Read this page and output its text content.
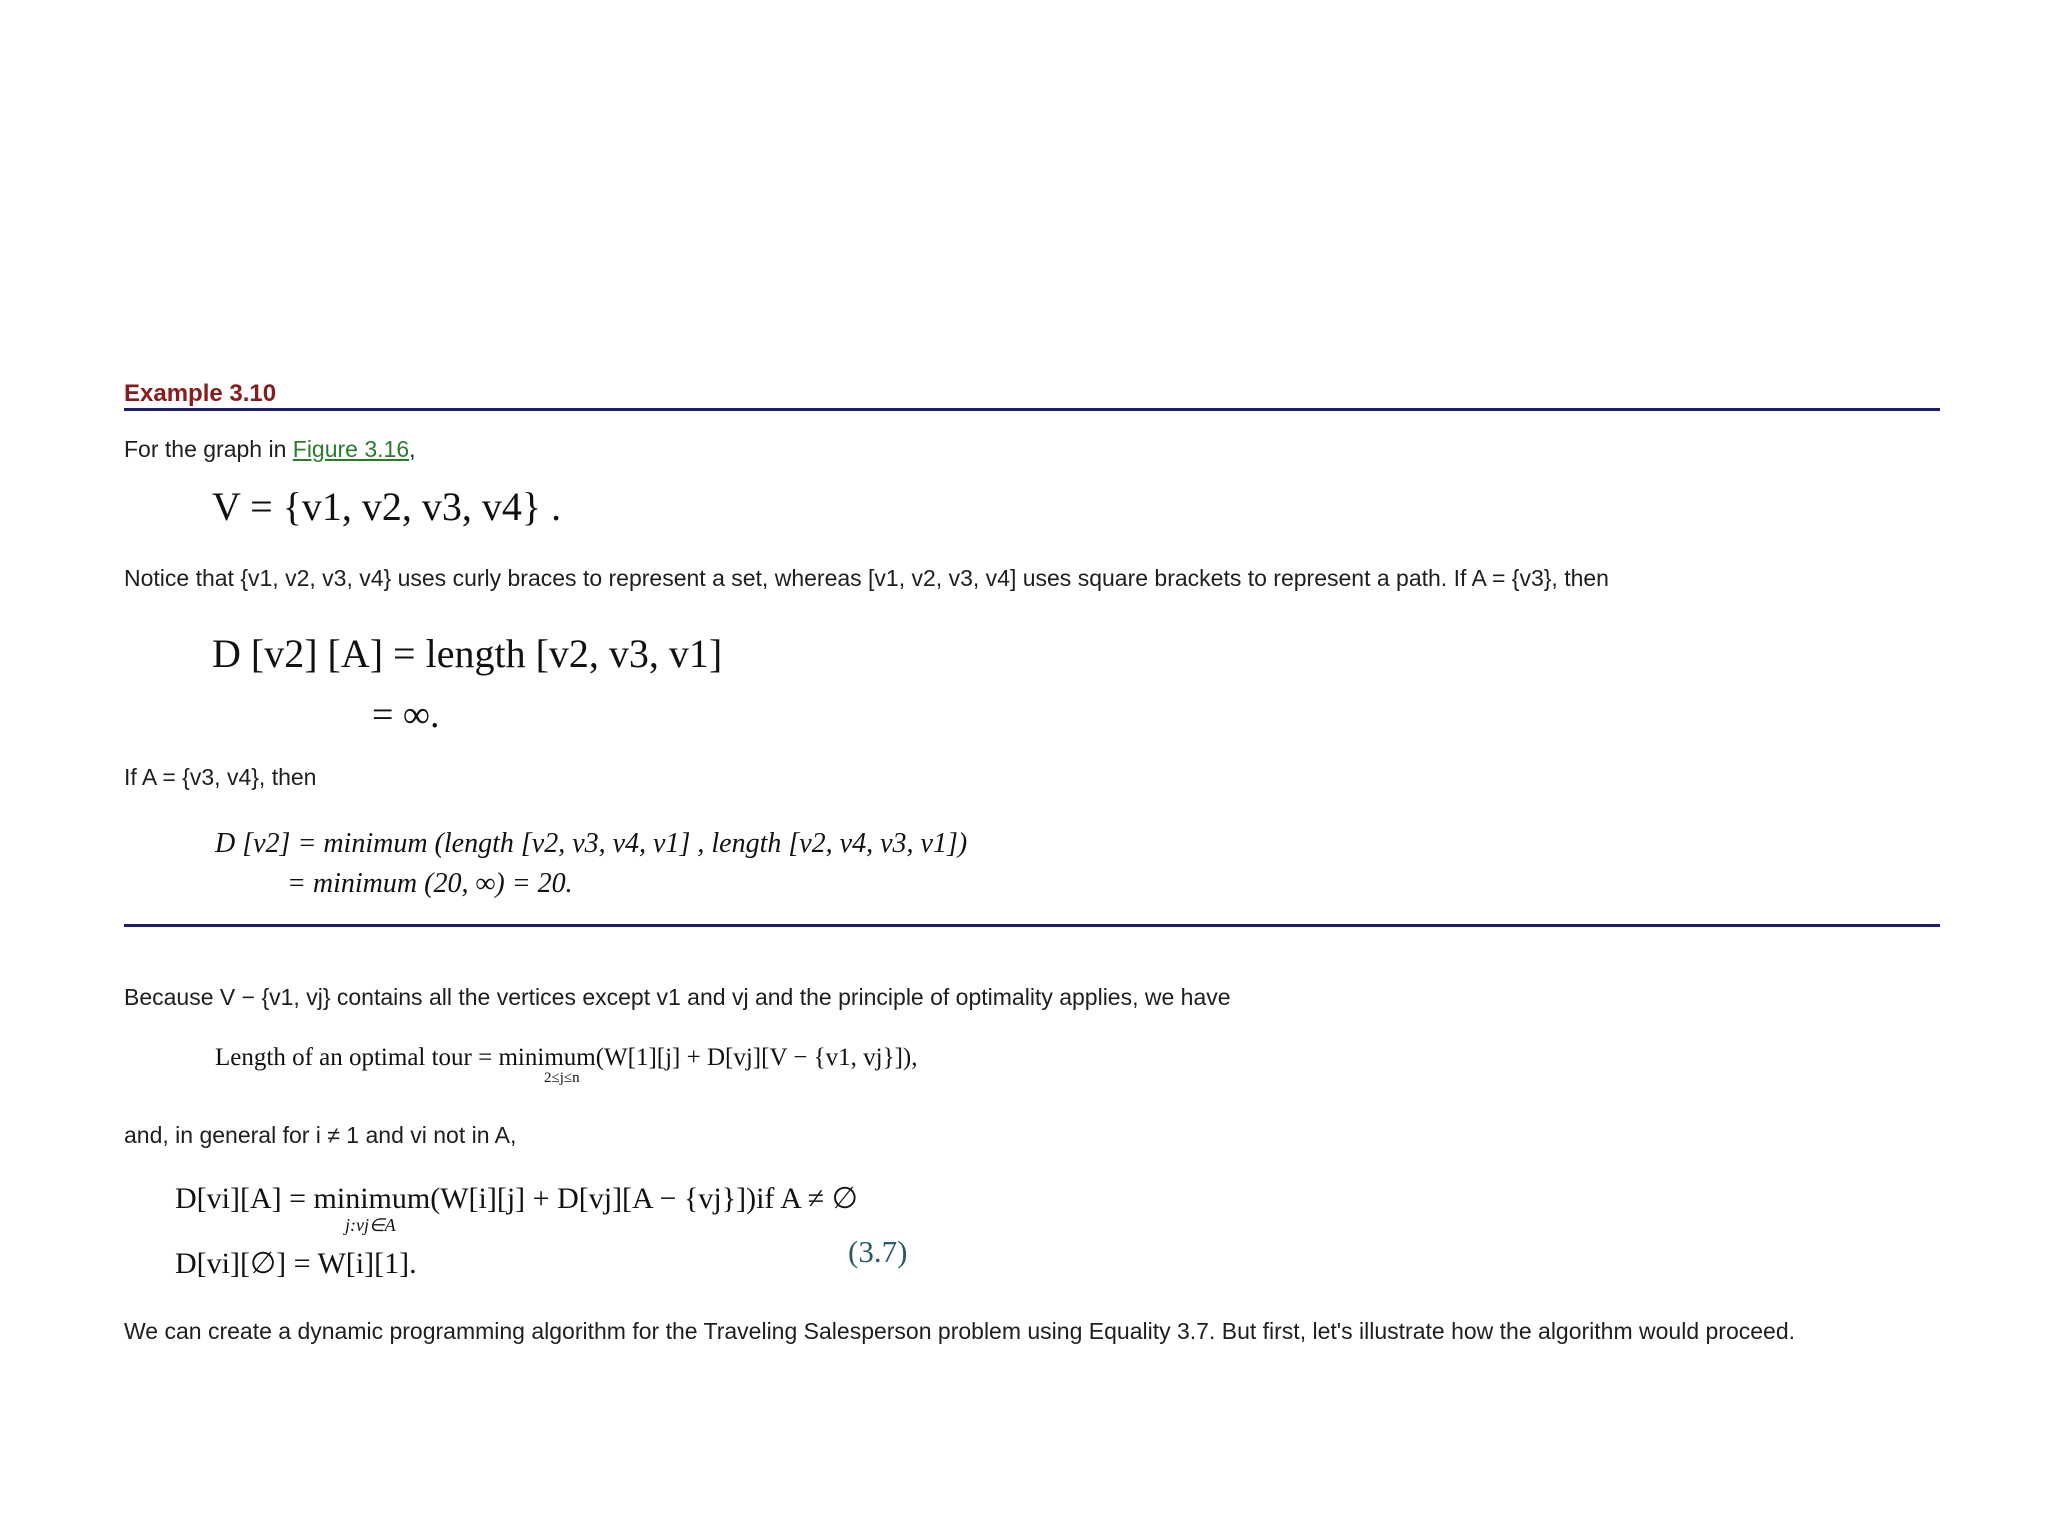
Example 3.10
For the graph in Figure 3.16,
V = {v1, v2, v3, v4} .
Notice that {v1, v2, v3, v4} uses curly braces to represent a set, whereas [v1, v2, v3, v4] uses square brackets to represent a path. If A = {v3}, then
D [v2] [A] = length [v2, v3, v1]
= ∞.
If A = {v3, v4}, then
D [v2] = minimum (length [v2, v3, v4, v1] , length [v2, v4, v3, v1])
= minimum (20, ∞) = 20.
Because V − {v1, vj} contains all the vertices except v1 and vj and the principle of optimality applies, we have
Length of an optimal tour = minimum(W[1][j] + D[vj][V − {v1, vj}]),
2≤j≤n
and, in general for i ≠ 1 and vi not in A,
D[vi][A] = minimum(W[i][j] + D[vj][A − {vj}])if A ≠ ∅
j:vj∈A
D[vi][∅] = W[i][1].	(3.7)
We can create a dynamic programming algorithm for the Traveling Salesperson problem using Equality 3.7. But first, let's illustrate how the algorithm would proceed.
